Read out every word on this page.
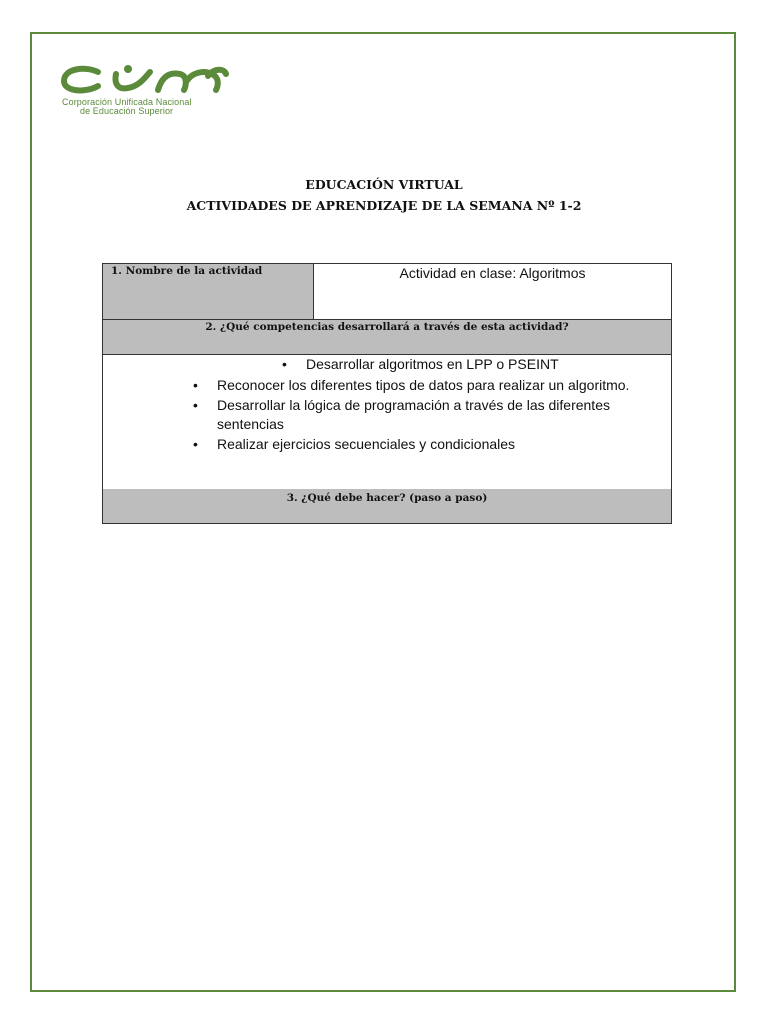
Corporación Unificada Nacional
de Educación Superior
EDUCACIÓN VIRTUAL
ACTIVIDADES DE APRENDIZAJE DE LA SEMANA Nº 1-2
1. Nombre de la actividad	Actividad en clase: Algoritmos
2. ¿Qué competencias desarrollará a través de esta actividad?
• Desarrollar algoritmos en LPP o PSEINT
• Reconocer los diferentes tipos de datos para realizar un algoritmo.
• Desarrollar la lógica de programación a través de las diferentes sentencias
• Realizar ejercicios secuenciales y condicionales
3. ¿Qué debe hacer? (paso a paso)
